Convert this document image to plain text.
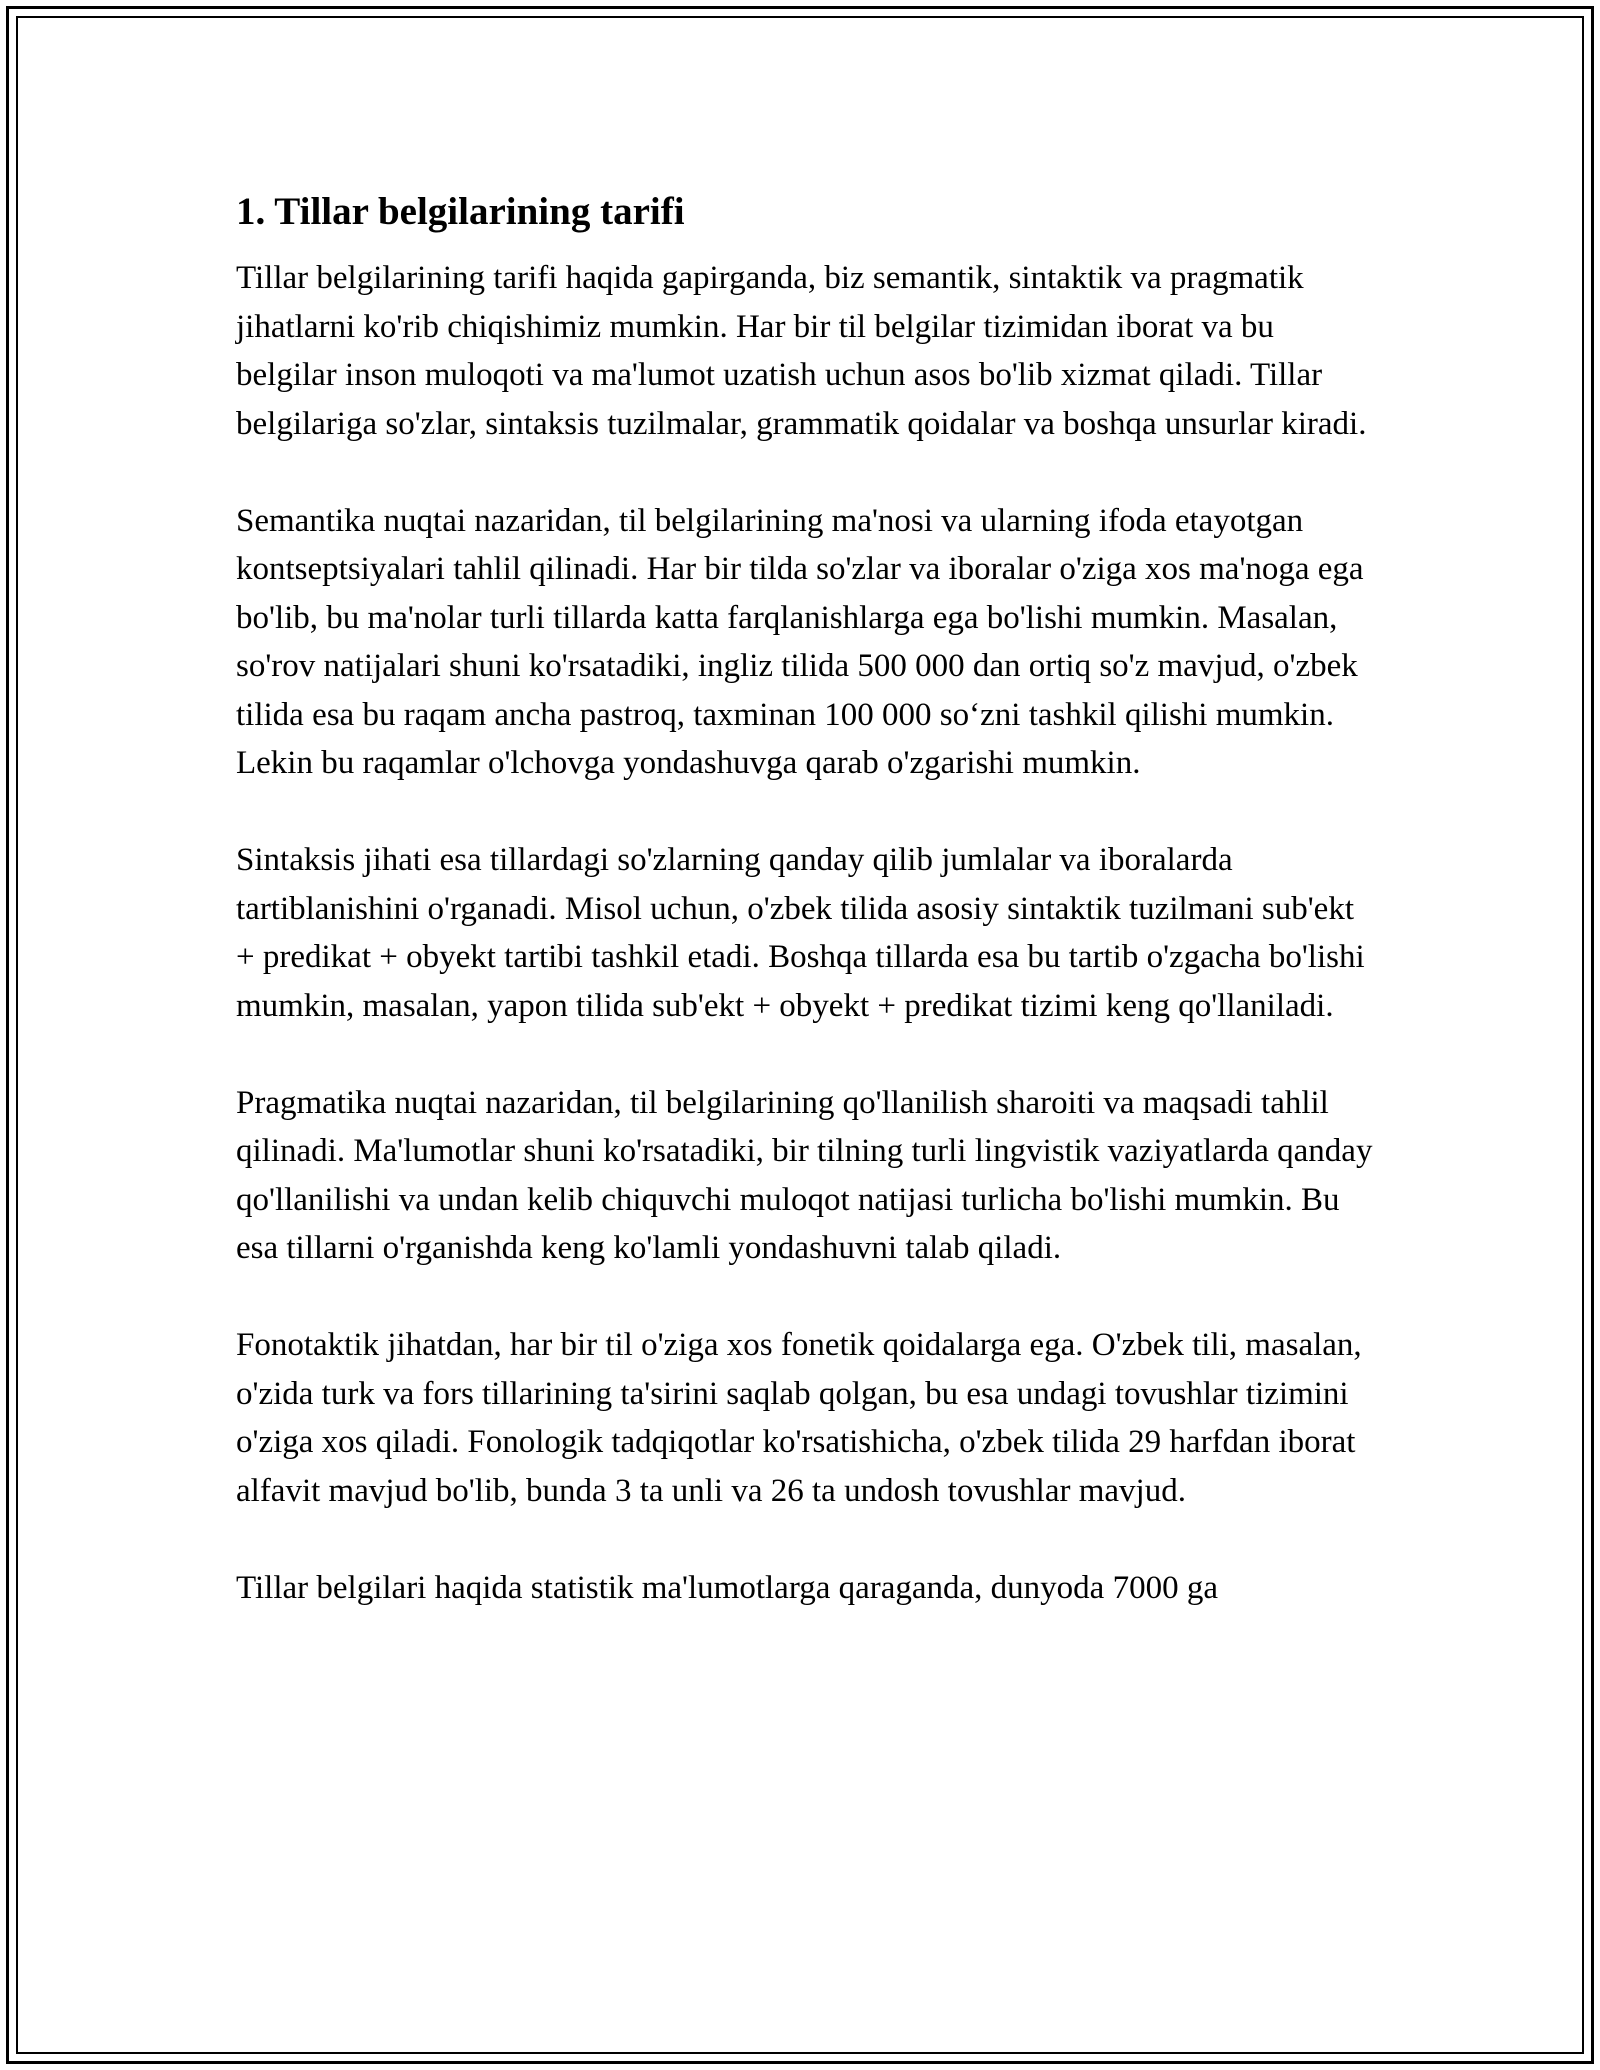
1. Tillar belgilarining tarifi

Tillar belgilarining tarifi haqida gapirganda, biz semantik, sintaktik va pragmatik jihatlarni ko'rib chiqishimiz mumkin. Har bir til belgilar tizimidan iborat va bu belgilar inson muloqoti va ma'lumot uzatish uchun asos bo'lib xizmat qiladi. Tillar belgilariga so'zlar, sintaksis tuzilmalar, grammatik qoidalar va boshqa unsurlar kiradi.

Semantika nuqtai nazaridan, til belgilarining ma'nosi va ularning ifoda etayotgan kontseptsiyalari tahlil qilinadi. Har bir tilda so'zlar va iboralar o'ziga xos ma'noga ega bo'lib, bu ma'nolar turli tillarda katta farqlanishlarga ega bo'lishi mumkin. Masalan, so'rov natijalari shuni ko'rsatadiki, ingliz tilida 500 000 dan ortiq so'z mavjud, o'zbek tilida esa bu raqam ancha pastroq, taxminan 100 000 so‘zni tashkil qilishi mumkin. Lekin bu raqamlar o'lchovga yondashuvga qarab o'zgarishi mumkin.

Sintaksis jihati esa tillardagi so'zlarning qanday qilib jumlalar va iboralarda tartiblanishini o'rganadi. Misol uchun, o'zbek tilida asosiy sintaktik tuzilmani sub'ekt + predikat + obyekt tartibi tashkil etadi. Boshqa tillarda esa bu tartib o'zgacha bo'lishi mumkin, masalan, yapon tilida sub'ekt + obyekt + predikat tizimi keng qo'llaniladi.

Pragmatika nuqtai nazaridan, til belgilarining qo'llanilish sharoiti va maqsadi tahlil qilinadi. Ma'lumotlar shuni ko'rsatadiki, bir tilning turli lingvistik vaziyatlarda qanday qo'llanilishi va undan kelib chiquvchi muloqot natijasi turlicha bo'lishi mumkin. Bu esa tillarni o'rganishda keng ko'lamli yondashuvni talab qiladi.

Fonotaktik jihatdan, har bir til o'ziga xos fonetik qoidalarga ega. O'zbek tili, masalan, o'zida turk va fors tillarining ta'sirini saqlab qolgan, bu esa undagi tovushlar tizimini o'ziga xos qiladi. Fonologik tadqiqotlar ko'rsatishicha, o'zbek tilida 29 harfdan iborat alfavit mavjud bo'lib, bunda 3 ta unli va 26 ta undosh tovushlar mavjud.

Tillar belgilari haqida statistik ma'lumotlarga qaraganda, dunyoda 7000 ga
